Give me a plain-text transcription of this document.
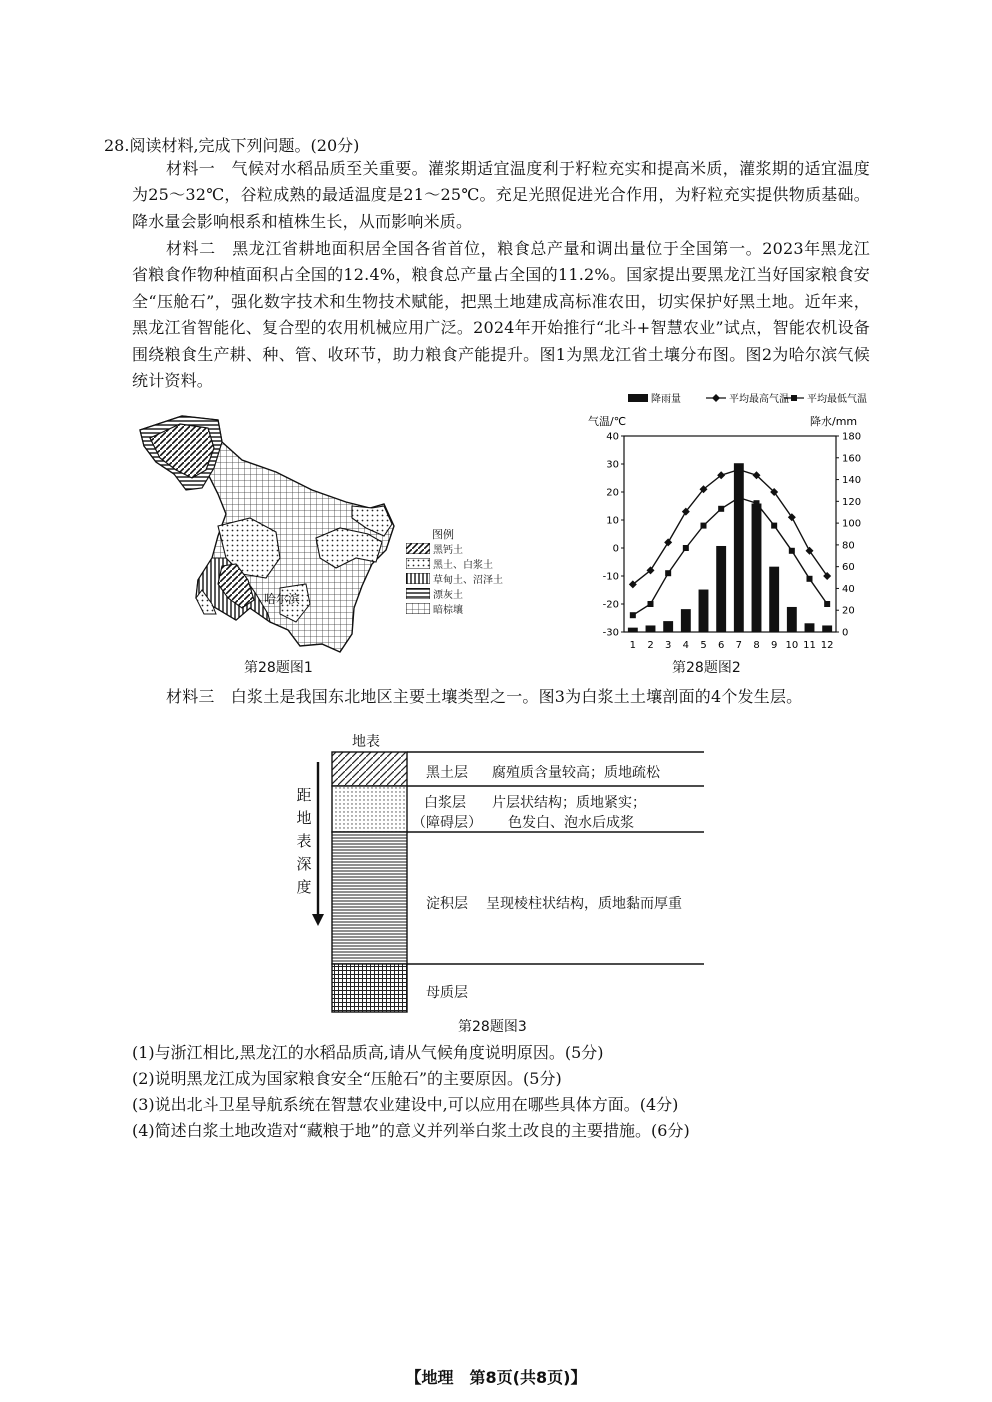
28.阅读材料,完成下列问题。(20分)
材料一　气候对水稻品质至关重要。灌浆期适宜温度利于籽粒充实和提高米质，灌浆期的适宜温度为25～32℃，谷粒成熟的最适温度是21～25℃。充足光照促进光合作用，为籽粒充实提供物质基础。降水量会影响根系和植株生长，从而影响米质。
材料二　黑龙江省耕地面积居全国各省首位，粮食总产量和调出量位于全国第一。2023年黑龙江省粮食作物种植面积占全国的12.4%，粮食总产量占全国的11.2%。国家提出要黑龙江当好国家粮食安全“压舱石”，强化数字技术和生物技术赋能，把黑土地建成高标准农田，切实保护好黑土地。近年来，黑龙江省智能化、复合型的农用机械应用广泛。2024年开始推行“北斗+智慧农业”试点，智能农机设备围绕粮食生产耕、种、管、收环节，助力粮食产能提升。图1为黑龙江省土壤分布图。图2为哈尔滨气候统计资料。
哈尔滨
图例
黑钙土
黑土、白浆土
草甸土、沼泽土
漂灰土
暗棕壤
第28题图1
降雨量	平均最高气温 平均最低气温
气温/℃	降水/mm
40
30
20
10
0
-10
-20
-30
180
160
140
120
100
80
60
40
20
0
1 2 3 4 5 6 7 8 9 10 11 12
第28题图2
材料三　白浆土是我国东北地区主要土壤类型之一。图3为白浆土土壤剖面的4个发生层。
地表
距
地
表
深
度
黑土层 腐殖质含量较高；质地疏松
白浆层
（障碍层）
片层状结构；质地紧实；
色发白、泡水后成浆
淀积层 呈现棱柱状结构，质地黏而厚重
母质层
第28题图3
(1)与浙江相比,黑龙江的水稻品质高,请从气候角度说明原因。(5分)
(2)说明黑龙江成为国家粮食安全“压舱石”的主要原因。(5分)
(3)说出北斗卫星导航系统在智慧农业建设中,可以应用在哪些具体方面。(4分)
(4)简述白浆土地改造对“藏粮于地”的意义并列举白浆土改良的主要措施。(6分)
【地理　第8页(共8页)】
